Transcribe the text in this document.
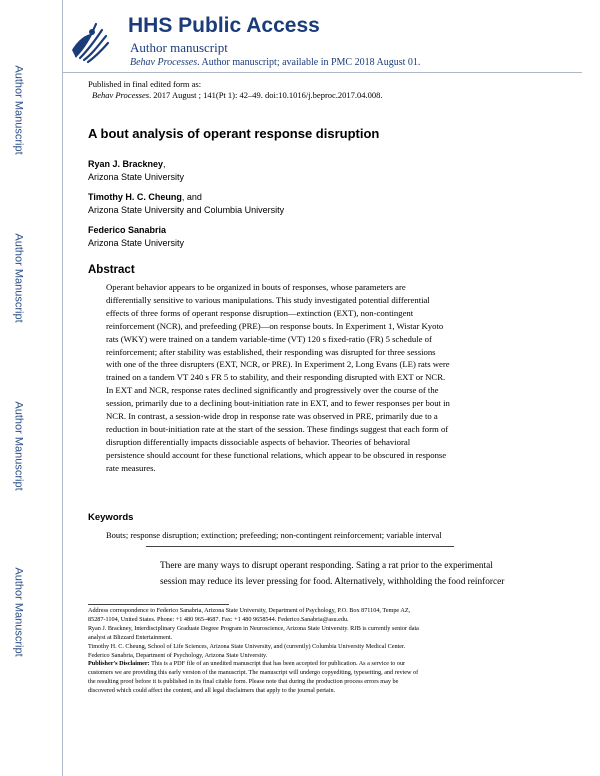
Author Manuscript
Author Manuscript
Author Manuscript
Author Manuscript
HHS Public Access
Author manuscript
Behav Processes. Author manuscript; available in PMC 2018 August 01.
Published in final edited form as:
Behav Processes. 2017 August ; 141(Pt 1): 42–49. doi:10.1016/j.beproc.2017.04.008.
A bout analysis of operant response disruption
Ryan J. Brackney,
Arizona State University
Timothy H. C. Cheung, and
Arizona State University and Columbia University
Federico Sanabria
Arizona State University
Abstract
Operant behavior appears to be organized in bouts of responses, whose parameters are
differentially sensitive to various manipulations. This study investigated potential differential
effects of three forms of operant response disruption—extinction (EXT), non-contingent
reinforcement (NCR), and prefeeding (PRE)—on response bouts. In Experiment 1, Wistar Kyoto
rats (WKY) were trained on a tandem variable-time (VT) 120 s fixed-ratio (FR) 5 schedule of
reinforcement; after stability was established, their responding was disrupted for three sessions
with one of the three disrupters (EXT, NCR, or PRE). In Experiment 2, Long Evans (LE) rats were
trained on a tandem VT 240 s FR 5 to stability, and their responding disrupted with EXT or NCR.
In EXT and NCR, response rates declined significantly and progressively over the course of the
session, primarily due to a declining bout-initiation rate in EXT, and to fewer responses per bout in
NCR. In contrast, a session-wide drop in response rate was observed in PRE, primarily due to a
reduction in bout-initiation rate at the start of the session. These findings suggest that each form of
disruption differentially impacts dissociable aspects of behavior. Theories of behavioral
persistence should account for these functional relations, which appear to be obscured in response
rate measures.
Keywords
Bouts; response disruption; extinction; prefeeding; non-contingent reinforcement; variable interval
There are many ways to disrupt operant responding. Sating a rat prior to the experimental
session may reduce its lever pressing for food. Alternatively, withholding the food reinforcer
Address correspondence to Federico Sanabria, Arizona State University, Department of Psychology, P.O. Box 871104, Tempe AZ,
85287-1104, United States. Phone: +1 480 965-4687. Fax: +1 480 9658544. Federico.Sanabria@asu.edu.
Ryan J. Brackney, Interdisciplinary Graduate Degree Program in Neuroscience, Arizona State University. RJB is currently senior data
analyst at Blizzard Entertainment.
Timothy H. C. Cheung, School of Life Sciences, Arizona State University, and (currently) Columbia University Medical Center.
Federico Sanabria, Department of Psychology, Arizona State University.
Publisher's Disclaimer: This is a PDF file of an unedited manuscript that has been accepted for publication. As a service to our
customers we are providing this early version of the manuscript. The manuscript will undergo copyediting, typesetting, and review of
the resulting proof before it is published in its final citable form. Please note that during the production process errors may be
discovered which could affect the content, and all legal disclaimers that apply to the journal pertain.
